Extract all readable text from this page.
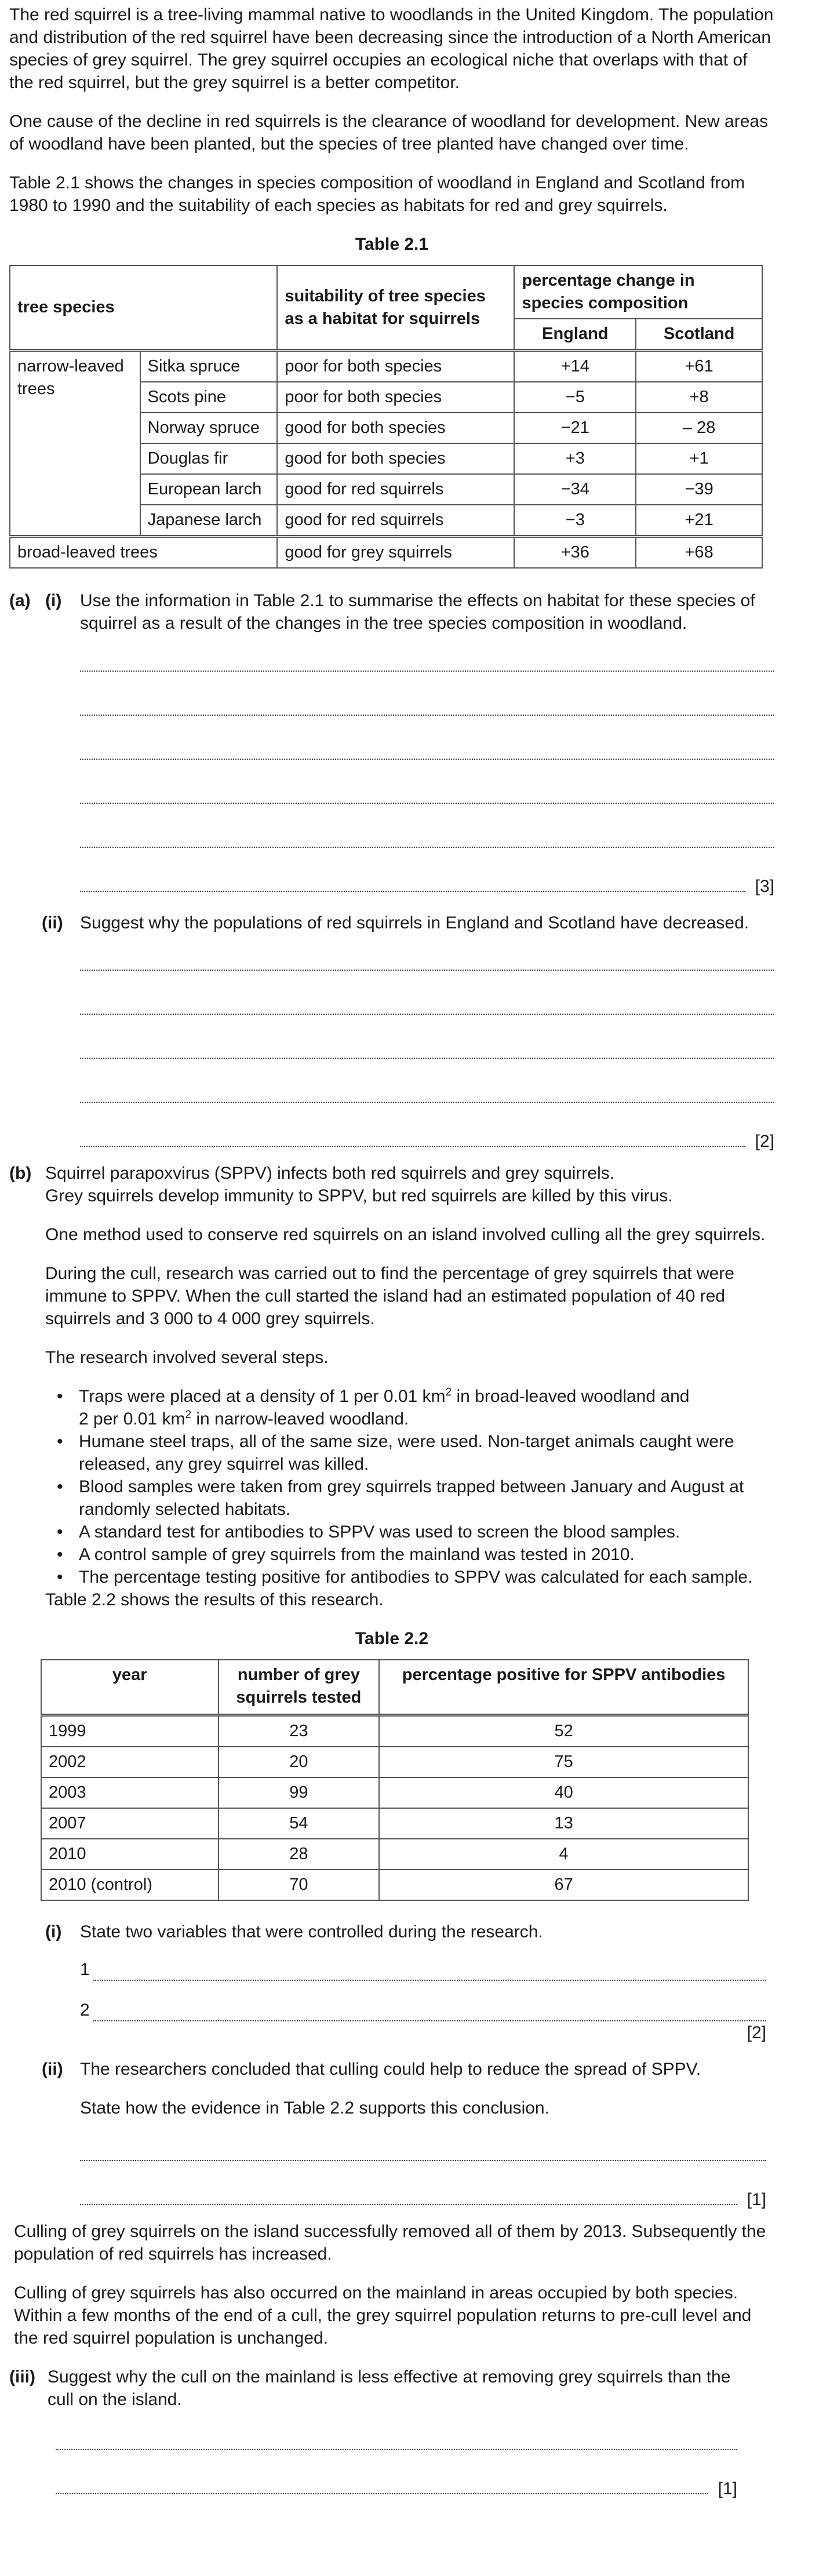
The red squirrel is a tree-living mammal native to woodlands in the United Kingdom. The population and distribution of the red squirrel have been decreasing since the introduction of a North American species of grey squirrel. The grey squirrel occupies an ecological niche that overlaps with that of the red squirrel, but the grey squirrel is a better competitor.

One cause of the decline in red squirrels is the clearance of woodland for development. New areas of woodland have been planted, but the species of tree planted have changed over time.

Table 2.1 shows the changes in species composition of woodland in England and Scotland from 1980 to 1990 and the suitability of each species as habitats for red and grey squirrels.

Table 2.1

tree species		suitability of tree species as a habitat for squirrels	percentage change in species composition	
			England	Scotland
narrow-leaved trees	Sitka spruce	poor for both species	+14	+61
	Scots pine	poor for both species	−5	+8
	Norway spruce	good for both species	−21	– 28
	Douglas fir	good for both species	+3	+1
	European larch	good for red squirrels	−34	−39
	Japanese larch	good for red squirrels	−3	+21
broad-leaved trees		good for grey squirrels	+36	+68
(a) (i) Use the information in Table 2.1 to summarise the effects on habitat for these species of squirrel as a result of the changes in the tree species composition in woodland.

[3]
(ii) Suggest why the populations of red squirrels in England and Scotland have decreased.

[2]
(b) Squirrel parapoxvirus (SPPV) infects both red squirrels and grey squirrels.

Grey squirrels develop immunity to SPPV, but red squirrels are killed by this virus.

One method used to conserve red squirrels on an island involved culling all the grey squirrels.

During the cull, research was carried out to find the percentage of grey squirrels that were immune to SPPV. When the cull started the island had an estimated population of 40 red squirrels and 3 000 to 4 000 grey squirrels.

The research involved several steps.

• Traps were placed at a density of 1 per 0.01 $km^2$ in broad-leaved woodland and
2 per 0.01 $km^2$ in narrow-leaved woodland.
• Humane steel traps, all of the same size, were used. Non-target animals caught were released, any grey squirrel was killed.
• Blood samples were taken from grey squirrels trapped between January and August at randomly selected habitats.
• A standard test for antibodies to SPPV was used to screen the blood samples.
• A control sample of grey squirrels from the mainland was tested in 2010.
• The percentage testing positive for antibodies to SPPV was calculated for each sample.

Table 2.2 shows the results of this research.

Table 2.2

year	number of grey squirrels tested	percentage positive for SPPV antibodies
1999	23	52
2002	20	75
2003	99	40
2007	54	13
2010	28	4
2010 (control)	70	67
(i) State two variables that were controlled during the research.

1
2
[2]
(ii) The researchers concluded that culling could help to reduce the spread of SPPV.

State how the evidence in Table 2.2 supports this conclusion.

[1]

Culling of grey squirrels on the island successfully removed all of them by 2013. Subsequently the population of red squirrels has increased.

Culling of grey squirrels has also occurred on the mainland in areas occupied by both species. Within a few months of the end of a cull, the grey squirrel population returns to pre-cull level and the red squirrel population is unchanged.

(iii) Suggest why the cull on the mainland is less effective at removing grey squirrels than the cull on the island.

[1]
